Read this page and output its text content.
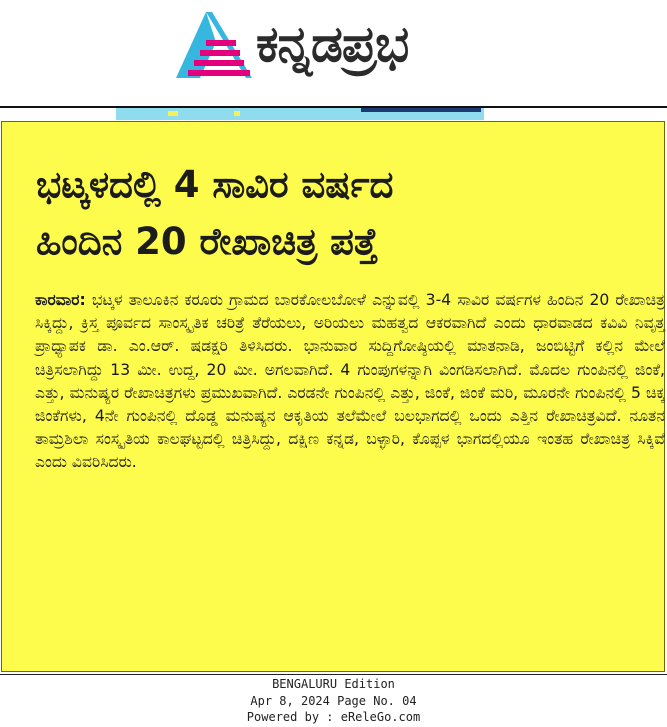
ಕನ್ನಡಪ್ರಭ
ಭಟ್ಕಳದಲ್ಲಿ 4 ಸಾವಿರ ವರ್ಷದ
ಹಿಂದಿನ 20 ರೇಖಾಚಿತ್ರ ಪತ್ತೆ

ಕಾರವಾರ: ಭಟ್ಕಳ ತಾಲೂಕಿನ ಕರೂರು ಗ್ರಾಮದ ಬಾರಕೋಲಬೋಳೆ ಎನ್ನುವಲ್ಲಿ 3-4 ಸಾವಿರ ವರ್ಷಗಳ ಹಿಂದಿನ 20 ರೇಖಾಚಿತ್ರ ಸಿಕ್ಕಿದ್ದು, ಕ್ರಿಸ್ತ ಪೂರ್ವದ ಸಾಂಸ್ಕೃತಿಕ ಚರಿತ್ರೆ ತೆರೆಯಲು, ಅರಿಯಲು ಮಹತ್ವದ ಆಕರವಾಗಿದೆ ಎಂದು ಧಾರವಾಡದ ಕವಿವಿ ನಿವೃತ್ತ ಪ್ರಾಧ್ಯಾಪಕ ಡಾ. ಎಂ.ಆರ್. ಷಡಕ್ಷರಿ ತಿಳಿಸಿದರು. ಭಾನುವಾರ ಸುದ್ದಿಗೋಷ್ಠಿಯಲ್ಲಿ ಮಾತನಾಡಿ, ಜಂಬಿಟ್ಟಿಗೆ ಕಲ್ಲಿನ ಮೇಲೆ ಚಿತ್ರಿಸಲಾಗಿದ್ದು 13 ಮೀ. ಉದ್ದ, 20 ಮೀ. ಅಗಲವಾಗಿದೆ. 4 ಗುಂಪುಗಳನ್ನಾಗಿ ವಿಂಗಡಿಸಲಾಗಿದೆ. ಮೊದಲ ಗುಂಪಿನಲ್ಲಿ ಜಿಂಕೆ, ಎತ್ತು, ಮನುಷ್ಯರ ರೇಖಾಚಿತ್ರಗಳು ಪ್ರಮುಖವಾಗಿದೆ. ಎರಡನೇ ಗುಂಪಿನಲ್ಲಿ ಎತ್ತು, ಜಿಂಕೆ, ಜಿಂಕೆ ಮರಿ, ಮೂರನೇ ಗುಂಪಿನಲ್ಲಿ 5 ಚಿಕ್ಕ ಜಿಂಕೆಗಳು, 4ನೇ ಗುಂಪಿನಲ್ಲಿ ದೊಡ್ಡ ಮನುಷ್ಯನ ಆಕೃತಿಯ ತಲೆಮೇಲೆ ಬಲಭಾಗದಲ್ಲಿ ಒಂದು ಎತ್ತಿನ ರೇಖಾಚಿತ್ರವಿದೆ. ನೂತನ ತಾಮ್ರಶಿಲಾ ಸಂಸ್ಕೃತಿಯ ಕಾಲಘಟ್ಟದಲ್ಲಿ ಚಿತ್ರಿಸಿದ್ದು, ದಕ್ಷಿಣ ಕನ್ನಡ, ಬಳ್ಳಾರಿ, ಕೊಪ್ಪಳ ಭಾಗದಲ್ಲಿಯೂ ಇಂತಹ ರೇಖಾಚಿತ್ರ ಸಿಕ್ಕಿವೆ ಎಂದು ವಿವರಿಸಿದರು.

BENGALURU Edition
Apr 8, 2024 Page No. 04
Powered by : eReleGo.com
